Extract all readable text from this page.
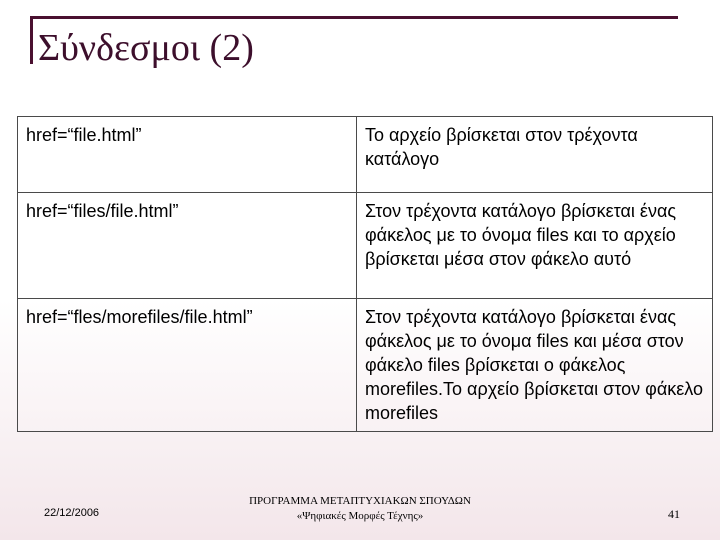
Σύνδεσμοι (2)
href=“file.html”	Το αρχείο βρίσκεται στον τρέχοντα κατάλογο
href=“files/file.html”	Στον τρέχοντα κατάλογο βρίσκεται ένας φάκελος με το όνομα files και το αρχείο βρίσκεται μέσα στον φάκελο αυτό
href=“fles/morefiles/file.html”	Στον τρέχοντα κατάλογο βρίσκεται ένας φάκελος με το όνομα files και μέσα στον φάκελο files βρίσκεται ο φάκελος morefiles.Το αρχείο βρίσκεται στον φάκελο morefiles
22/12/2006
ΠΡΟΓΡΑΜΜΑ ΜΕΤΑΠΤΥΧΙΑΚΩΝ ΣΠΟΥΔΩΝ
«Ψηφιακές Μορφές Τέχνης»	41
